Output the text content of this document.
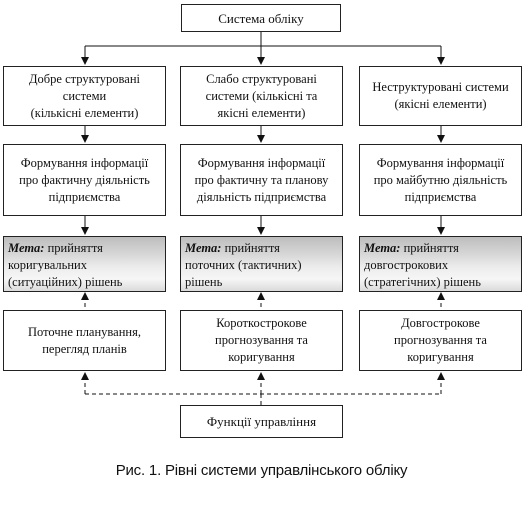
Система обліку
Добре структуровані
системи
(кількісні елементи)
Формування інформації
про фактичну діяльність
підприємства
Мета: прийняття
коригувальних
(ситуаційних) рішень
Поточне планування,
перегляд планів
Слабо структуровані
системи (кількісні та
якісні елементи)
Формування інформації
про фактичну та планову
діяльність підприємства
Мета: прийняття
поточних (тактичних)
рішень
Короткострокове
прогнозування та
коригування
Неструктуровані системи
(якісні елементи)
Формування інформації
про майбутню діяльність
підприємства
Мета: прийняття
довгострокових
(стратегічних) рішень
Довгострокове
прогнозування та
коригування
Функції управління
Рис. 1. Рівні системи управлінського обліку
